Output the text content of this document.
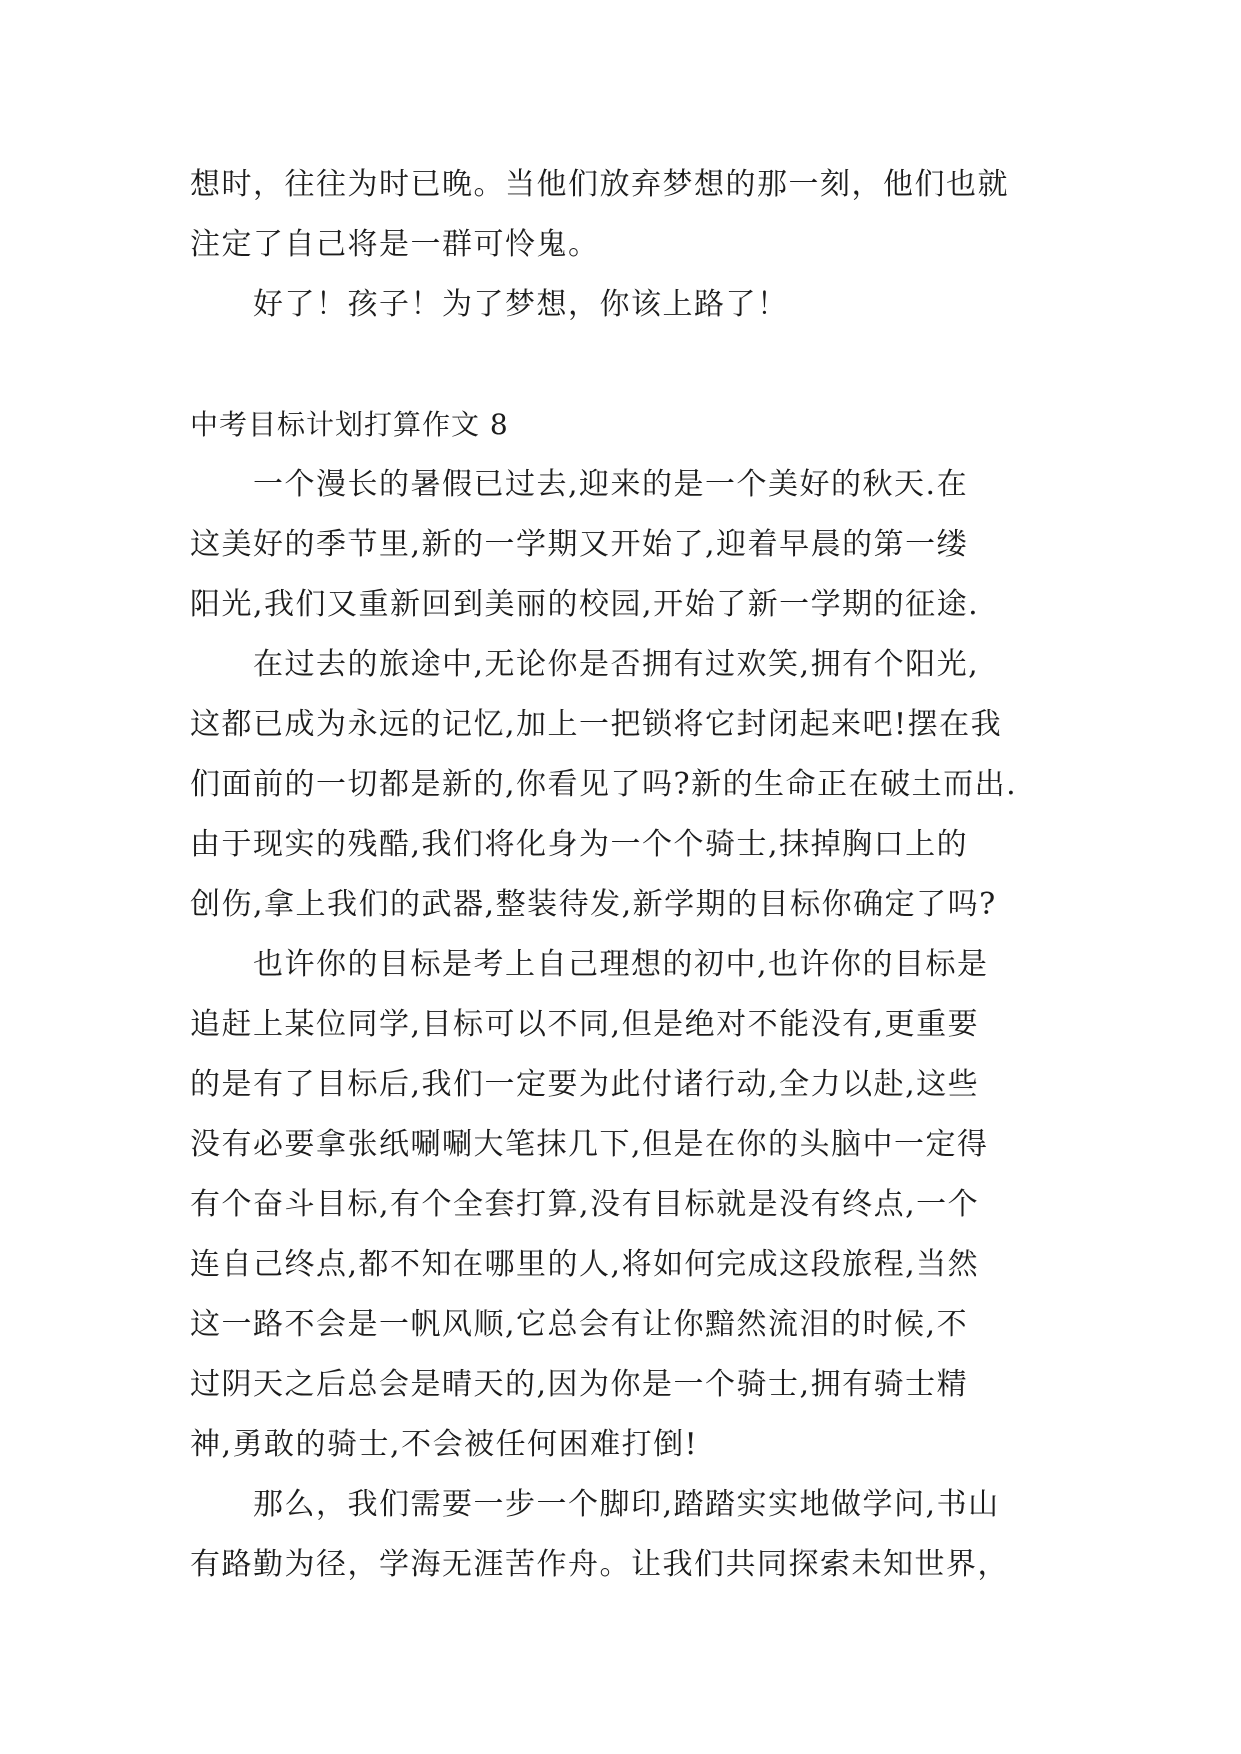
想时，往往为时已晚。当他们放弃梦想的那一刻，他们也就
注定了自己将是一群可怜鬼。
好了！孩子！为了梦想，你该上路了！
中考目标计划打算作文 8
一个漫长的暑假已过去,迎来的是一个美好的秋天.在
这美好的季节里,新的一学期又开始了,迎着早晨的第一缕
阳光,我们又重新回到美丽的校园,开始了新一学期的征途.
在过去的旅途中,无论你是否拥有过欢笑,拥有个阳光,
这都已成为永远的记忆,加上一把锁将它封闭起来吧!摆在我
们面前的一切都是新的,你看见了吗?新的生命正在破土而出.
由于现实的残酷,我们将化身为一个个骑士,抹掉胸口上的
创伤,拿上我们的武器,整装待发,新学期的目标你确定了吗?
也许你的目标是考上自己理想的初中,也许你的目标是
追赶上某位同学,目标可以不同,但是绝对不能没有,更重要
的是有了目标后,我们一定要为此付诸行动,全力以赴,这些
没有必要拿张纸唰唰大笔抹几下,但是在你的头脑中一定得
有个奋斗目标,有个全套打算,没有目标就是没有终点,一个
连自己终点,都不知在哪里的人,将如何完成这段旅程,当然
这一路不会是一帆风顺,它总会有让你黯然流泪的时候,不
过阴天之后总会是晴天的,因为你是一个骑士,拥有骑士精
神,勇敢的骑士,不会被任何困难打倒!
那么，我们需要一步一个脚印,踏踏实实地做学问,书山
有路勤为径，学海无涯苦作舟。让我们共同探索未知世界，
